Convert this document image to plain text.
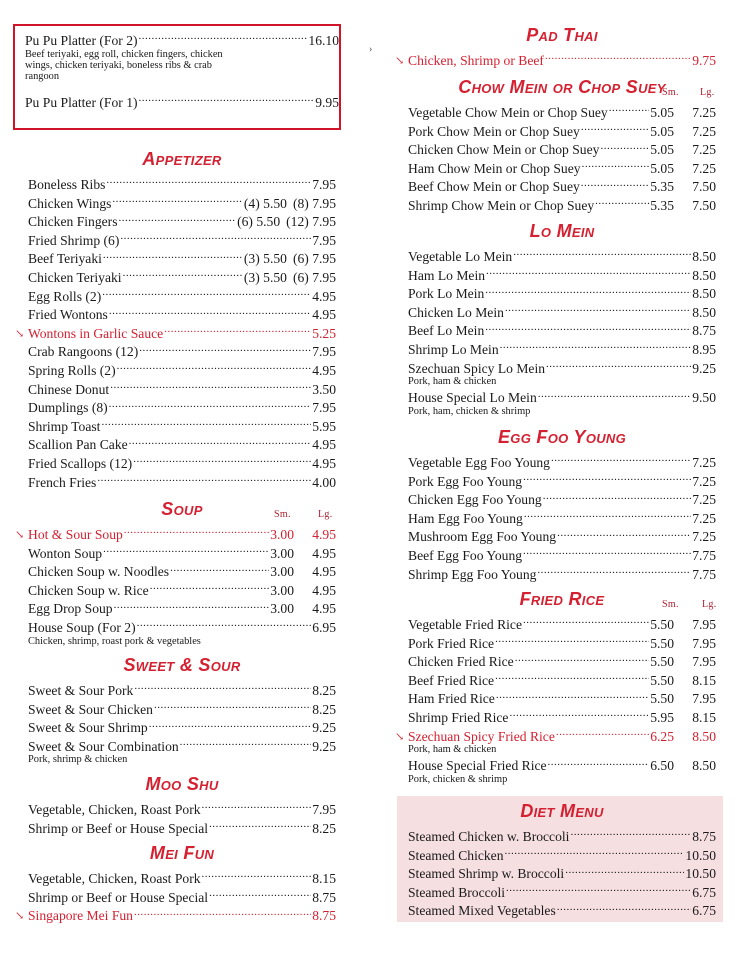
Pu Pu Platter (For 2) .....	16.10
Beef teriyaki, egg roll, chicken fingers, chicken
wings, chicken teriyaki, boneless ribs & crab
rangoon
Pu Pu Platter (For 1) .....	9.95
›
Appetizer
Boneless Ribs .....	7.95
Chicken Wings .....	(4) 5.50 (8) 7.95
Chicken Fingers .....	(6) 5.50 (12) 7.95
Fried Shrimp (6) .....	7.95
Beef Teriyaki .....	(3) 5.50 (6) 7.95
Chicken Teriyaki .....	(3) 5.50 (6) 7.95
Egg Rolls (2) .....	4.95
Fried Wontons .....	4.95
↘ Wontons in Garlic Sauce .....	5.25
Crab Rangoons (12) .....	7.95
Spring Rolls (2) .....	4.95
Chinese Donut .....	3.50
Dumplings (8) .....	7.95
Shrimp Toast .....	5.95
Scallion Pan Cake .....	4.95
Fried Scallops (12) .....	4.95
French Fries .....	4.00
Soup	Sm.	Lg.
↘ Hot & Sour Soup .....	3.00	4.95
Wonton Soup .....	3.00	4.95
Chicken Soup w. Noodles .....	3.00	4.95
Chicken Soup w. Rice .....	3.00	4.95
Egg Drop Soup .....	3.00	4.95
House Soup (For 2) .....	6.95
Chicken, shrimp, roast pork & vegetables
Sweet & Sour
Sweet & Sour Pork .....	8.25
Sweet & Sour Chicken .....	8.25
Sweet & Sour Shrimp .....	9.25
Sweet & Sour Combination .....	9.25
Pork, shrimp & chicken
Moo Shu
Vegetable, Chicken, Roast Pork .....	7.95
Shrimp or Beef or House Special .....	8.25
Mei Fun
Vegetable, Chicken, Roast Pork .....	8.15
Shrimp or Beef or House Special .....	8.75
↘ Singapore Mei Fun .....	8.75
Pad Thai
↘ Chicken, Shrimp or Beef .....	9.75
Chow Mein or Chop Suey
Sm. Lg.
Vegetable Chow Mein or Chop Suey .....	5.05	7.25
Pork Chow Mein or Chop Suey .....	5.05	7.25
Chicken Chow Mein or Chop Suey .....	5.05	7.25
Ham Chow Mein or Chop Suey .....	5.05	7.25
Beef Chow Mein or Chop Suey .....	5.35	7.50
Shrimp Chow Mein or Chop Suey .....	5.35	7.50
Lo Mein
Vegetable Lo Mein .....	8.50
Ham Lo Mein .....	8.50
Pork Lo Mein .....	8.50
Chicken Lo Mein .....	8.50
Beef Lo Mein .....	8.75
Shrimp Lo Mein .....	8.95
Szechuan Spicy Lo Mein .....	9.25
Pork, ham & chicken
House Special Lo Mein .....	9.50
Pork, ham, chicken & shrimp
Egg Foo Young
Vegetable Egg Foo Young .....	7.25
Pork Egg Foo Young .....	7.25
Chicken Egg Foo Young .....	7.25
Ham Egg Foo Young .....	7.25
Mushroom Egg Foo Young .....	7.25
Beef Egg Foo Young .....	7.75
Shrimp Egg Foo Young .....	7.75
Fried Rice	Sm. Lg.
Vegetable Fried Rice .....	5.50	7.95
Pork Fried Rice .....	5.50	7.95
Chicken Fried Rice .....	5.50	7.95
Beef Fried Rice .....	5.50	8.15
Ham Fried Rice .....	5.50	7.95
Shrimp Fried Rice .....	5.95	8.15
↘ Szechuan Spicy Fried Rice .....	6.25	8.50
Pork, ham & chicken
House Special Fried Rice .....	6.50	8.50
Pork, chicken & shrimp
Diet Menu
Steamed Chicken w. Broccoli .....	8.75
Steamed Chicken .....	10.50
Steamed Shrimp w. Broccoli .....	10.50
Steamed Broccoli .....	6.75
Steamed Mixed Vegetables .....	6.75
